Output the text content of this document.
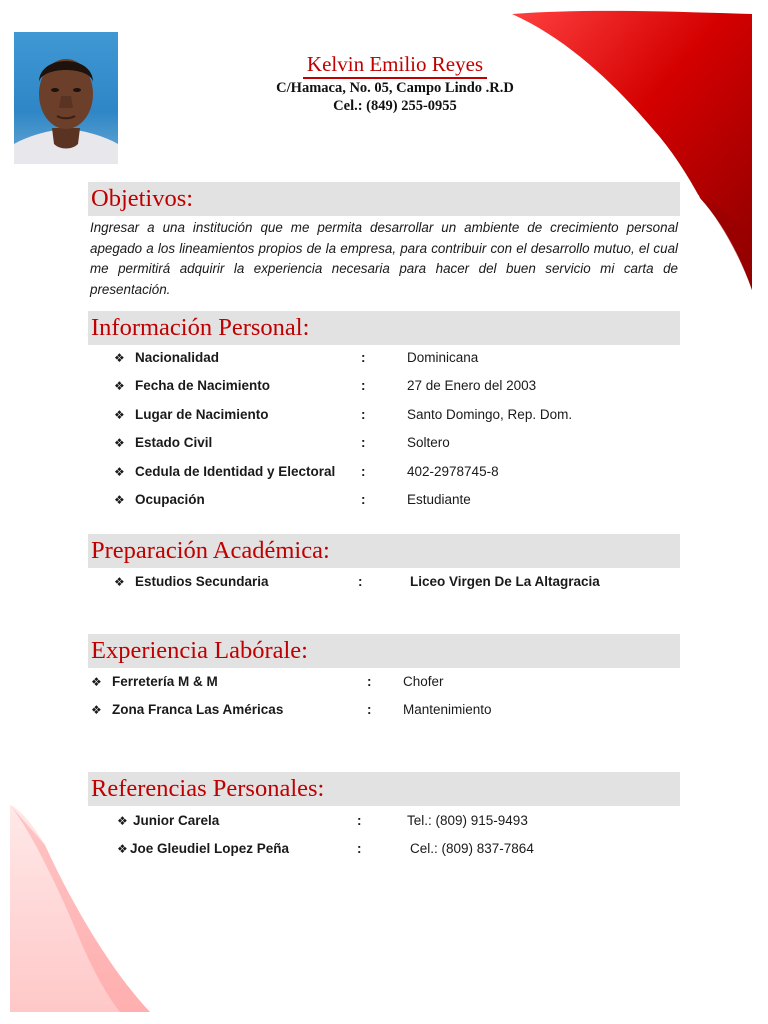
Kelvin Emilio Reyes
C/Hamaca, No. 05, Campo Lindo .R.D
Cel.: (849) 255-0955
Objetivos:
Ingresar a una institución que me permita desarrollar un ambiente de crecimiento personal apegado a los lineamientos propios de la empresa, para contribuir con el desarrollo mutuo, el cual me permitirá adquirir la experiencia necesaria para hacer del buen servicio mi carta de presentación.
Información Personal:
❖ Nacionalidad	:	Dominicana
❖ Fecha de Nacimiento	:	27 de Enero del 2003
❖ Lugar de Nacimiento	:	Santo Domingo, Rep. Dom.
❖ Estado Civil	:	Soltero
❖ Cedula de Identidad y Electoral :	402-2978745-8
❖ Ocupación	:	Estudiante
Preparación Académica:
❖ Estudios Secundaria	:	Liceo Virgen De La Altagracia
Experiencia Labórale:
❖ Ferretería M & M	: Chofer
❖ Zona Franca Las Américas	: Mantenimiento
Referencias Personales:
❖ Junior Carela	:	Tel.: (809) 915-9493
❖ Joe Gleudiel Lopez Peña	:	Cel.: (809) 837-7864
